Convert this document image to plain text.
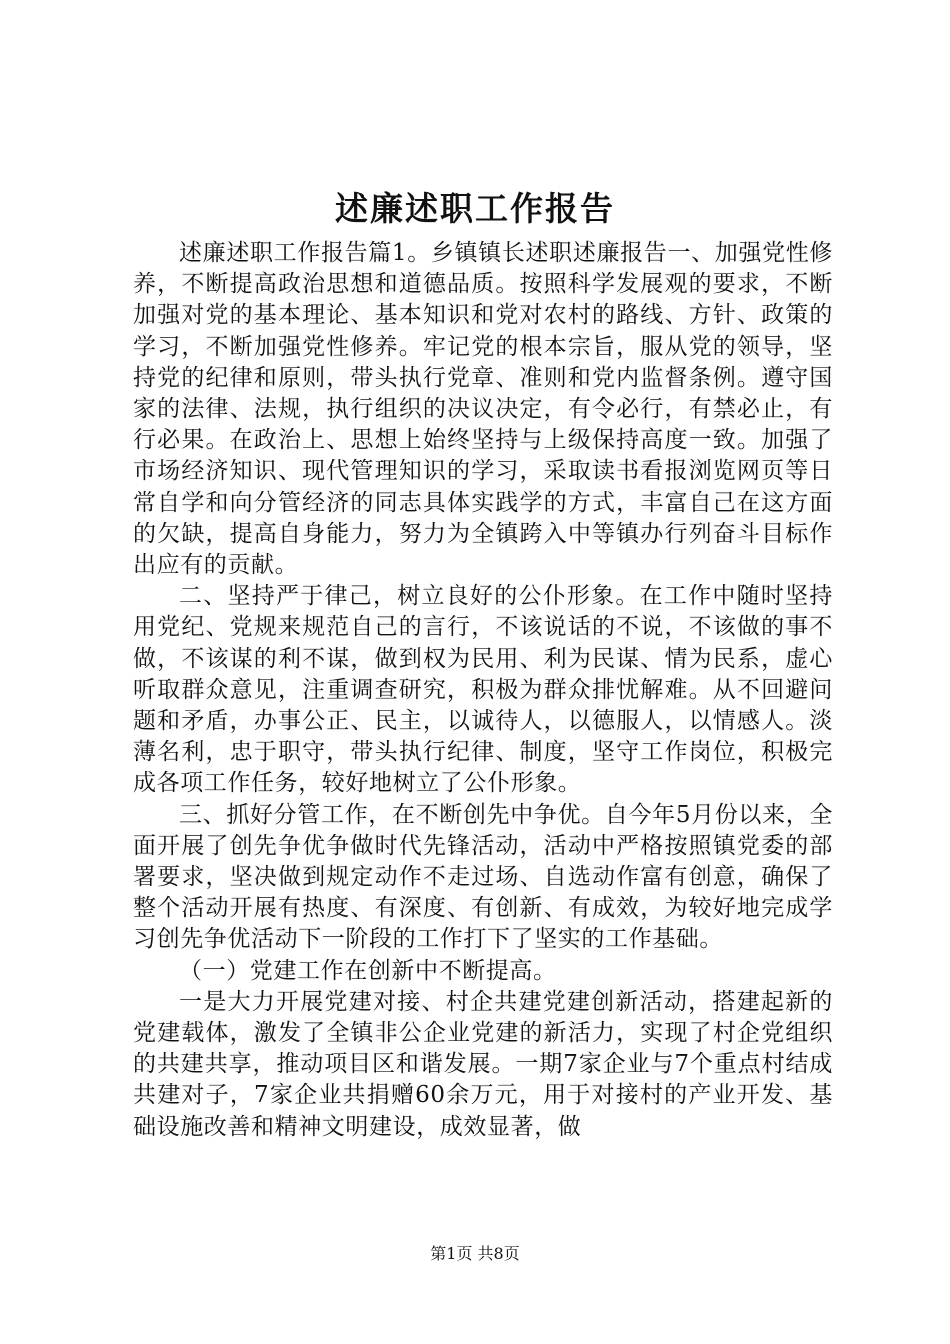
述廉述职工作报告

述廉述职工作报告篇1。乡镇镇长述职述廉报告一、加强党性修养，不断提高政治思想和道德品质。按照科学发展观的要求，不断加强对党的基本理论、基本知识和党对农村的路线、方针、政策的学习，不断加强党性修养。牢记党的根本宗旨，服从党的领导，坚持党的纪律和原则，带头执行党章、准则和党内监督条例。遵守国家的法律、法规，执行组织的决议决定，有令必行，有禁必止，有行必果。在政治上、思想上始终坚持与上级保持高度一致。加强了市场经济知识、现代管理知识的学习，采取读书看报浏览网页等日常自学和向分管经济的同志具体实践学的方式，丰富自己在这方面的欠缺，提高自身能力，努力为全镇跨入中等镇办行列奋斗目标作出应有的贡献。

二、坚持严于律己，树立良好的公仆形象。在工作中随时坚持用党纪、党规来规范自己的言行，不该说话的不说，不该做的事不做，不该谋的利不谋，做到权为民用、利为民谋、情为民系，虚心听取群众意见，注重调查研究，积极为群众排忧解难。从不回避问题和矛盾，办事公正、民主，以诚待人，以德服人，以情感人。淡薄名利，忠于职守，带头执行纪律、制度，坚守工作岗位，积极完成各项工作任务，较好地树立了公仆形象。

三、抓好分管工作，在不断创先中争优。自今年5月份以来，全面开展了创先争优争做时代先锋活动，活动中严格按照镇党委的部署要求，坚决做到规定动作不走过场、自选动作富有创意，确保了整个活动开展有热度、有深度、有创新、有成效，为较好地完成学习创先争优活动下一阶段的工作打下了坚实的工作基础。

（一）党建工作在创新中不断提高。

一是大力开展党建对接、村企共建党建创新活动，搭建起新的党建载体，激发了全镇非公企业党建的新活力，实现了村企党组织的共建共享，推动项目区和谐发展。一期7家企业与7个重点村结成共建对子，7家企业共捐赠60余万元，用于对接村的产业开发、基础设施改善和精神文明建设，成效显著，做

第1页 共8页
